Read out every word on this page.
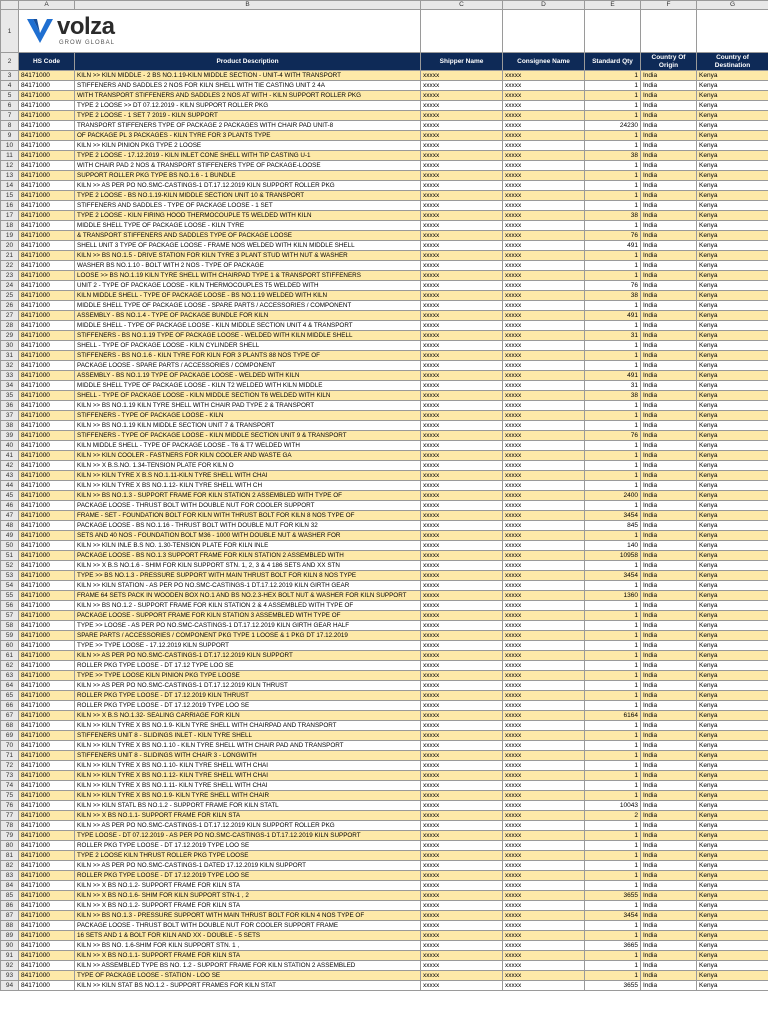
	A	B	C	D	E	F	G
1	volza
GROW GLOBAL						

2	HS Code	Product Description	Shipper Name	Consignee Name	Standard Qty	Country Of Origin	Country of Destination
3	84171000	KILN >> KILN MIDDLE - 2 BS NO.1.19-KILN MIDDLE SECTION - UNIT-4 WITH TRANSPORT	xxxxx	xxxxx	1	India	Kenya
4	84171000	STIFFENERS AND SADDLES 2 NOS FOR KILN SHELL WITH TIE CASTING UNIT 2 4A	xxxxx	xxxxx	1	India	Kenya
5	84171000	WITH TRANSPORT STIFFENERS AND SADDLES 2 NOS AT WITH - KILN SUPPORT ROLLER PKG	xxxxx	xxxxx	1	India	Kenya
6	84171000	TYPE 2 LOOSE >> DT 07.12.2019 - KILN SUPPORT ROLLER PKG	xxxxx	xxxxx	1	India	Kenya
7	84171000	TYPE 2 LOOSE - 1 SET 7 2019 - KILN SUPPORT	xxxxx	xxxxx	1	India	Kenya
8	84171000	TRANSPORT STIFFENERS TYPE OF PACKAGE 2 PACKAGES WITH CHAIR PAD UNIT-8	xxxxx	xxxxx	24230	India	Kenya
9	84171000	OF PACKAGE PL 3 PACKAGES - KILN TYRE FOR 3 PLANTS TYPE	xxxxx	xxxxx	1	India	Kenya
10	84171000	KILN >> KILN PINION PKG TYPE 2 LOOSE	xxxxx	xxxxx	1	India	Kenya
11	84171000	TYPE 2 LOOSE - 17.12.2019 - KILN INLET CONE SHELL WITH TIP CASTING U-1	xxxxx	xxxxx	38	India	Kenya
12	84171000	WITH CHAIR PAD 2 NOS & TRANSPORT STIFFENERS TYPE OF PACKAGE-LOOSE	xxxxx	xxxxx	1	India	Kenya
13	84171000	SUPPORT ROLLER PKG TYPE BS NO.1.6 - 1 BUNDLE	xxxxx	xxxxx	1	India	Kenya
14	84171000	KILN >> AS PER PO NO.SMC-CASTINGS-1 DT.17.12.2019 KILN SUPPORT ROLLER PKG	xxxxx	xxxxx	1	India	Kenya
15	84171000	TYPE 2 LOOSE - BS NO.1.19-KILN MIDDLE SECTION UNIT 10 & TRANSPORT	xxxxx	xxxxx	1	India	Kenya
16	84171000	STIFFENERS AND SADDLES - TYPE OF PACKAGE LOOSE - 1 SET	xxxxx	xxxxx	1	India	Kenya
17	84171000	TYPE 2 LOOSE - KILN FIRING HOOD THERMOCOUPLE T5 WELDED WITH KILN	xxxxx	xxxxx	38	India	Kenya
18	84171000	MIDDLE SHELL TYPE OF PACKAGE LOOSE - KILN TYRE	xxxxx	xxxxx	1	India	Kenya
19	84171000	& TRANSPORT STIFFENERS AND SADDLES TYPE OF PACKAGE LOOSE	xxxxx	xxxxx	76	India	Kenya
20	84171000	SHELL UNIT 3 TYPE OF PACKAGE LOOSE - FRAME NOS WELDED WITH KILN MIDDLE SHELL	xxxxx	xxxxx	491	India	Kenya
21	84171000	KILN >> BS NO.1.5 - DRIVE STATION FOR KILN TYRE 3 PLANT STUD WITH NUT & WASHER	xxxxx	xxxxx	1	India	Kenya
22	84171000	WASHER BS NO.1.10 - BOLT WITH 2 NOS - TYPE OF PACKAGE	xxxxx	xxxxx	1	India	Kenya
23	84171000	LOOSE >> BS NO.1.19 KILN TYRE SHELL WITH CHAIRPAD TYPE 1 & TRANSPORT STIFFENERS	xxxxx	xxxxx	1	India	Kenya
24	84171000	UNIT 2 - TYPE OF PACKAGE LOOSE - KILN THERMOCOUPLES T5 WELDED WITH	xxxxx	xxxxx	76	India	Kenya
25	84171000	KILN MIDDLE SHELL - TYPE OF PACKAGE LOOSE - BS NO.1.19 WELDED WITH KILN	xxxxx	xxxxx	38	India	Kenya
26	84171000	MIDDLE SHELL TYPE OF PACKAGE LOOSE - SPARE PARTS / ACCESSORIES / COMPONENT	xxxxx	xxxxx	1	India	Kenya
27	84171000	ASSEMBLY - BS NO.1.4 - TYPE OF PACKAGE BUNDLE FOR KILN	xxxxx	xxxxx	491	India	Kenya
28	84171000	MIDDLE SHELL - TYPE OF PACKAGE LOOSE - KILN MIDDLE SECTION UNIT 4 & TRANSPORT	xxxxx	xxxxx	1	India	Kenya
29	84171000	STIFFENERS - BS NO.1.19 TYPE OF PACKAGE LOOSE - WELDED WITH KILN MIDDLE SHELL	xxxxx	xxxxx	31	India	Kenya
30	84171000	SHELL - TYPE OF PACKAGE LOOSE - KILN CYLINDER SHELL	xxxxx	xxxxx	1	India	Kenya
31	84171000	STIFFENERS - BS NO.1.6 - KILN TYRE FOR KILN FOR 3 PLANTS 88 NOS TYPE OF	xxxxx	xxxxx	1	India	Kenya
32	84171000	PACKAGE LOOSE - SPARE PARTS / ACCESSORIES / COMPONENT	xxxxx	xxxxx	1	India	Kenya
33	84171000	ASSEMBLY - BS NO.1.19 TYPE OF PACKAGE LOOSE - WELDED WITH KILN	xxxxx	xxxxx	491	India	Kenya
34	84171000	MIDDLE SHELL TYPE OF PACKAGE LOOSE - KILN T2 WELDED WITH KILN MIDDLE	xxxxx	xxxxx	31	India	Kenya
35	84171000	SHELL - TYPE OF PACKAGE LOOSE - KILN MIDDLE SECTION T6 WELDED WITH KILN	xxxxx	xxxxx	38	India	Kenya
36	84171000	KILN >> BS NO.1.19 KILN TYRE SHELL WITH CHAIR PAD TYPE 2 & TRANSPORT	xxxxx	xxxxx	1	India	Kenya
37	84171000	STIFFENERS - TYPE OF PACKAGE LOOSE - KILN	xxxxx	xxxxx	1	India	Kenya
38	84171000	KILN >> BS NO.1.19 KILN MIDDLE SECTION UNIT 7 & TRANSPORT	xxxxx	xxxxx	1	India	Kenya
39	84171000	STIFFENERS - TYPE OF PACKAGE LOOSE - KILN MIDDLE SECTION UNIT 9 & TRANSPORT	xxxxx	xxxxx	76	India	Kenya
40	84171000	KILN MIDDLE SHELL - TYPE OF PACKAGE LOOSE - T6 & T7 WELDED WITH	xxxxx	xxxxx	1	India	Kenya
41	84171000	KILN >> KILN COOLER - FASTNERS FOR KILN COOLER AND WASTE GA	xxxxx	xxxxx	1	India	Kenya
42	84171000	KILN >> X B.S.NO. 1.34-TENSION PLATE FOR KILN O	xxxxx	xxxxx	1	India	Kenya
43	84171000	KILN >> KILN TYRE X B.S NO.1.11-KILN TYRE SHELL WITH CHAI	xxxxx	xxxxx	1	India	Kenya
44	84171000	KILN >> KILN TYRE X BS NO.1.12- KILN TYRE SHELL WITH CH	xxxxx	xxxxx	1	India	Kenya
45	84171000	KILN >> BS NO.1.3 - SUPPORT FRAME FOR KILN STATION 2 ASSEMBLED WITH TYPE OF	xxxxx	xxxxx	2400	India	Kenya
46	84171000	PACKAGE LOOSE - THRUST BOLT WITH DOUBLE NUT FOR COOLER SUPPORT	xxxxx	xxxxx	1	India	Kenya
47	84171000	FRAME - SET - FOUNDATION BOLT FOR KILN WITH THRUST BOLT FOR KILN 8 NOS TYPE OF	xxxxx	xxxxx	3454	India	Kenya
48	84171000	PACKAGE LOOSE - BS NO.1.16 - THRUST BOLT WITH DOUBLE NUT FOR KILN 32	xxxxx	xxxxx	845	India	Kenya
49	84171000	SETS AND 40 NOS - FOUNDATION BOLT M36 - 1000 WITH DOUBLE NUT & WASHER FOR	xxxxx	xxxxx	1	India	Kenya
50	84171000	KILN >> KILN INLE B.S NO. 1.30-TENSION PLATE FOR KILN INLE	xxxxx	xxxxx	140	India	Kenya
51	84171000	PACKAGE LOOSE - BS NO.1.3 SUPPORT FRAME FOR KILN STATION 2 ASSEMBLED WITH	xxxxx	xxxxx	10958	India	Kenya
52	84171000	KILN >> X B.S NO.1.6 - SHIM FOR KILN SUPPORT STN. 1, 2, 3 & 4 186 SETS AND XX STN	xxxxx	xxxxx	1	India	Kenya
53	84171000	TYPE >> BS NO.1.3 - PRESSURE SUPPORT WITH MAIN THRUST BOLT FOR KILN 8 NOS TYPE	xxxxx	xxxxx	3454	India	Kenya
54	84171000	KILN >> KILN STATION - AS PER PO NO.SMC-CASTINGS-1 DT.17.12.2019 KILN GIRTH GEAR	xxxxx	xxxxx	1	India	Kenya
55	84171000	FRAME 64 SETS PACK IN WOODEN BOX NO.1 AND BS NO.2.3-HEX BOLT NUT & WASHER FOR KILN SUPPORT	xxxxx	xxxxx	1360	India	Kenya
56	84171000	KILN >> BS NO.1.2 - SUPPORT FRAME FOR KILN STATION 2 & 4 ASSEMBLED WITH TYPE OF	xxxxx	xxxxx	1	India	Kenya
57	84171000	PACKAGE LOOSE - SUPPORT FRAME FOR KILN STATION 3 ASSEMBLED WITH TYPE OF	xxxxx	xxxxx	1	India	Kenya
58	84171000	TYPE >> LOOSE - AS PER PO NO.SMC-CASTINGS-1 DT.17.12.2019 KILN GIRTH GEAR HALF	xxxxx	xxxxx	1	India	Kenya
59	84171000	SPARE PARTS / ACCESSORIES / COMPONENT PKG TYPE 1 LOOSE & 1 PKG DT 17.12.2019	xxxxx	xxxxx	1	India	Kenya
60	84171000	TYPE >> TYPE LOOSE - 17.12.2019 KILN SUPPORT	xxxxx	xxxxx	1	India	Kenya
61	84171000	KILN >> AS PER PO NO.SMC-CASTINGS-1 DT.17.12.2019 KILN SUPPORT	xxxxx	xxxxx	1	India	Kenya
62	84171000	ROLLER PKG TYPE LOOSE - DT 17.12 TYPE LOO SE	xxxxx	xxxxx	1	India	Kenya
63	84171000	TYPE >> TYPE LOOSE KILN PINION PKG TYPE LOOSE	xxxxx	xxxxx	1	India	Kenya
64	84171000	KILN >> AS PER PO NO.SMC-CASTINGS-1 DT.17.12.2019 KILN THRUST	xxxxx	xxxxx	1	India	Kenya
65	84171000	ROLLER PKG TYPE LOOSE - DT 17.12.2019 KILN THRUST	xxxxx	xxxxx	1	India	Kenya
66	84171000	ROLLER PKG TYPE LOOSE - DT 17.12.2019 TYPE LOO SE	xxxxx	xxxxx	1	India	Kenya
67	84171000	KILN >> X B.S NO.1.32- SEALING CARRIAGE FOR KILN	xxxxx	xxxxx	6164	India	Kenya
68	84171000	KILN >> KILN TYRE X BS NO.1.9- KILN TYRE SHELL WITH CHAIRPAD AND TRANSPORT	xxxxx	xxxxx	1	India	Kenya
69	84171000	STIFFENERS UNIT 8 - SLIDINGS INLET - KILN TYRE SHELL	xxxxx	xxxxx	1	India	Kenya
70	84171000	KILN >> KILN TYRE X BS NO.1.10 - KILN TYRE SHELL WITH CHAIR PAD AND TRANSPORT	xxxxx	xxxxx	1	India	Kenya
71	84171000	STIFFENERS UNIT 8 - SLIDINGS WITH CHAIR 3 - LONGWITH	xxxxx	xxxxx	1	India	Kenya
72	84171000	KILN >> KILN TYRE X BS NO.1.10- KILN TYRE SHELL WITH CHAI	xxxxx	xxxxx	1	India	Kenya
73	84171000	KILN >> KILN TYRE X BS NO.1.12- KILN TYRE SHELL WITH CHAI	xxxxx	xxxxx	1	India	Kenya
74	84171000	KILN >> KILN TYRE X BS NO.1.11- KILN TYRE SHELL WITH CHAI	xxxxx	xxxxx	1	India	Kenya
75	84171000	KILN >> KILN TYRE X BS NO.1.9- KILN TYRE SHELL WITH CHAIR	xxxxx	xxxxx	1	India	Kenya
76	84171000	KILN >> KILN STATL BS NO.1.2 - SUPPORT FRAME FOR KILN STATL	xxxxx	xxxxx	10043	India	Kenya
77	84171000	KILN >> X BS NO.1.1- SUPPORT FRAME FOR KILN STA	xxxxx	xxxxx	2	India	Kenya
78	84171000	KILN >> AS PER PO NO.SMC-CASTINGS-1 DT.17.12.2019 KILN SUPPORT ROLLER PKG	xxxxx	xxxxx	1	India	Kenya
79	84171000	TYPE LOOSE - DT 07.12.2019 - AS PER PO NO.SMC-CASTINGS-1 DT.17.12.2019 KILN SUPPORT	xxxxx	xxxxx	1	India	Kenya
80	84171000	ROLLER PKG TYPE LOOSE - DT 17.12.2019 TYPE LOO SE	xxxxx	xxxxx	1	India	Kenya
81	84171000	TYPE 2 LOOSE KILN THRUST ROLLER PKG TYPE LOOSE	xxxxx	xxxxx	1	India	Kenya
82	84171000	KILN >> AS PER PO NO.SMC-CASTINGS-1 DATED 17.12.2019 KILN SUPPORT	xxxxx	xxxxx	1	India	Kenya
83	84171000	ROLLER PKG TYPE LOOSE - DT 17.12.2019 TYPE LOO SE	xxxxx	xxxxx	1	India	Kenya
84	84171000	KILN >> X BS NO.1.2- SUPPORT FRAME FOR KILN STA	xxxxx	xxxxx	1	India	Kenya
85	84171000	KILN >> X BS NO.1.6- SHIM FOR KILN SUPPORT STN-1 , 2	xxxxx	xxxxx	3655	India	Kenya
86	84171000	KILN >> X BS NO.1.2- SUPPORT FRAME FOR KILN STA	xxxxx	xxxxx	1	India	Kenya
87	84171000	KILN >> BS NO.1.3 - PRESSURE SUPPORT WITH MAIN THRUST BOLT FOR KILN 4 NOS TYPE OF	xxxxx	xxxxx	3454	India	Kenya
88	84171000	PACKAGE LOOSE - THRUST BOLT WITH DOUBLE NUT FOR COOLER SUPPORT FRAME	xxxxx	xxxxx	1	India	Kenya
89	84171000	16 SETS AND 1 & BOLT FOR KILN AND XX - DOUBLE - 5 SETS	xxxxx	xxxxx	1	India	Kenya
90	84171000	KILN >> BS NO. 1.6-SHIM FOR KILN SUPPORT STN. 1 ,	xxxxx	xxxxx	3665	India	Kenya
91	84171000	KILN >> X BS NO.1.1- SUPPORT FRAME FOR KILN STA	xxxxx	xxxxx	1	India	Kenya
92	84171000	KILN >> ASSEMBLED TYPE BS NO. 1.2 - SUPPORT FRAME FOR KILN STATION 2 ASSEMBLED	xxxxx	xxxxx	1	India	Kenya
93	84171000	TYPE OF PACKAGE LOOSE - STATION - LOO SE	xxxxx	xxxxx	1	India	Kenya
94	84171000	KILN >> KILN STAT BS NO.1.2 - SUPPORT FRAMES FOR KILN STAT	xxxxx	xxxxx	3655	India	Kenya
